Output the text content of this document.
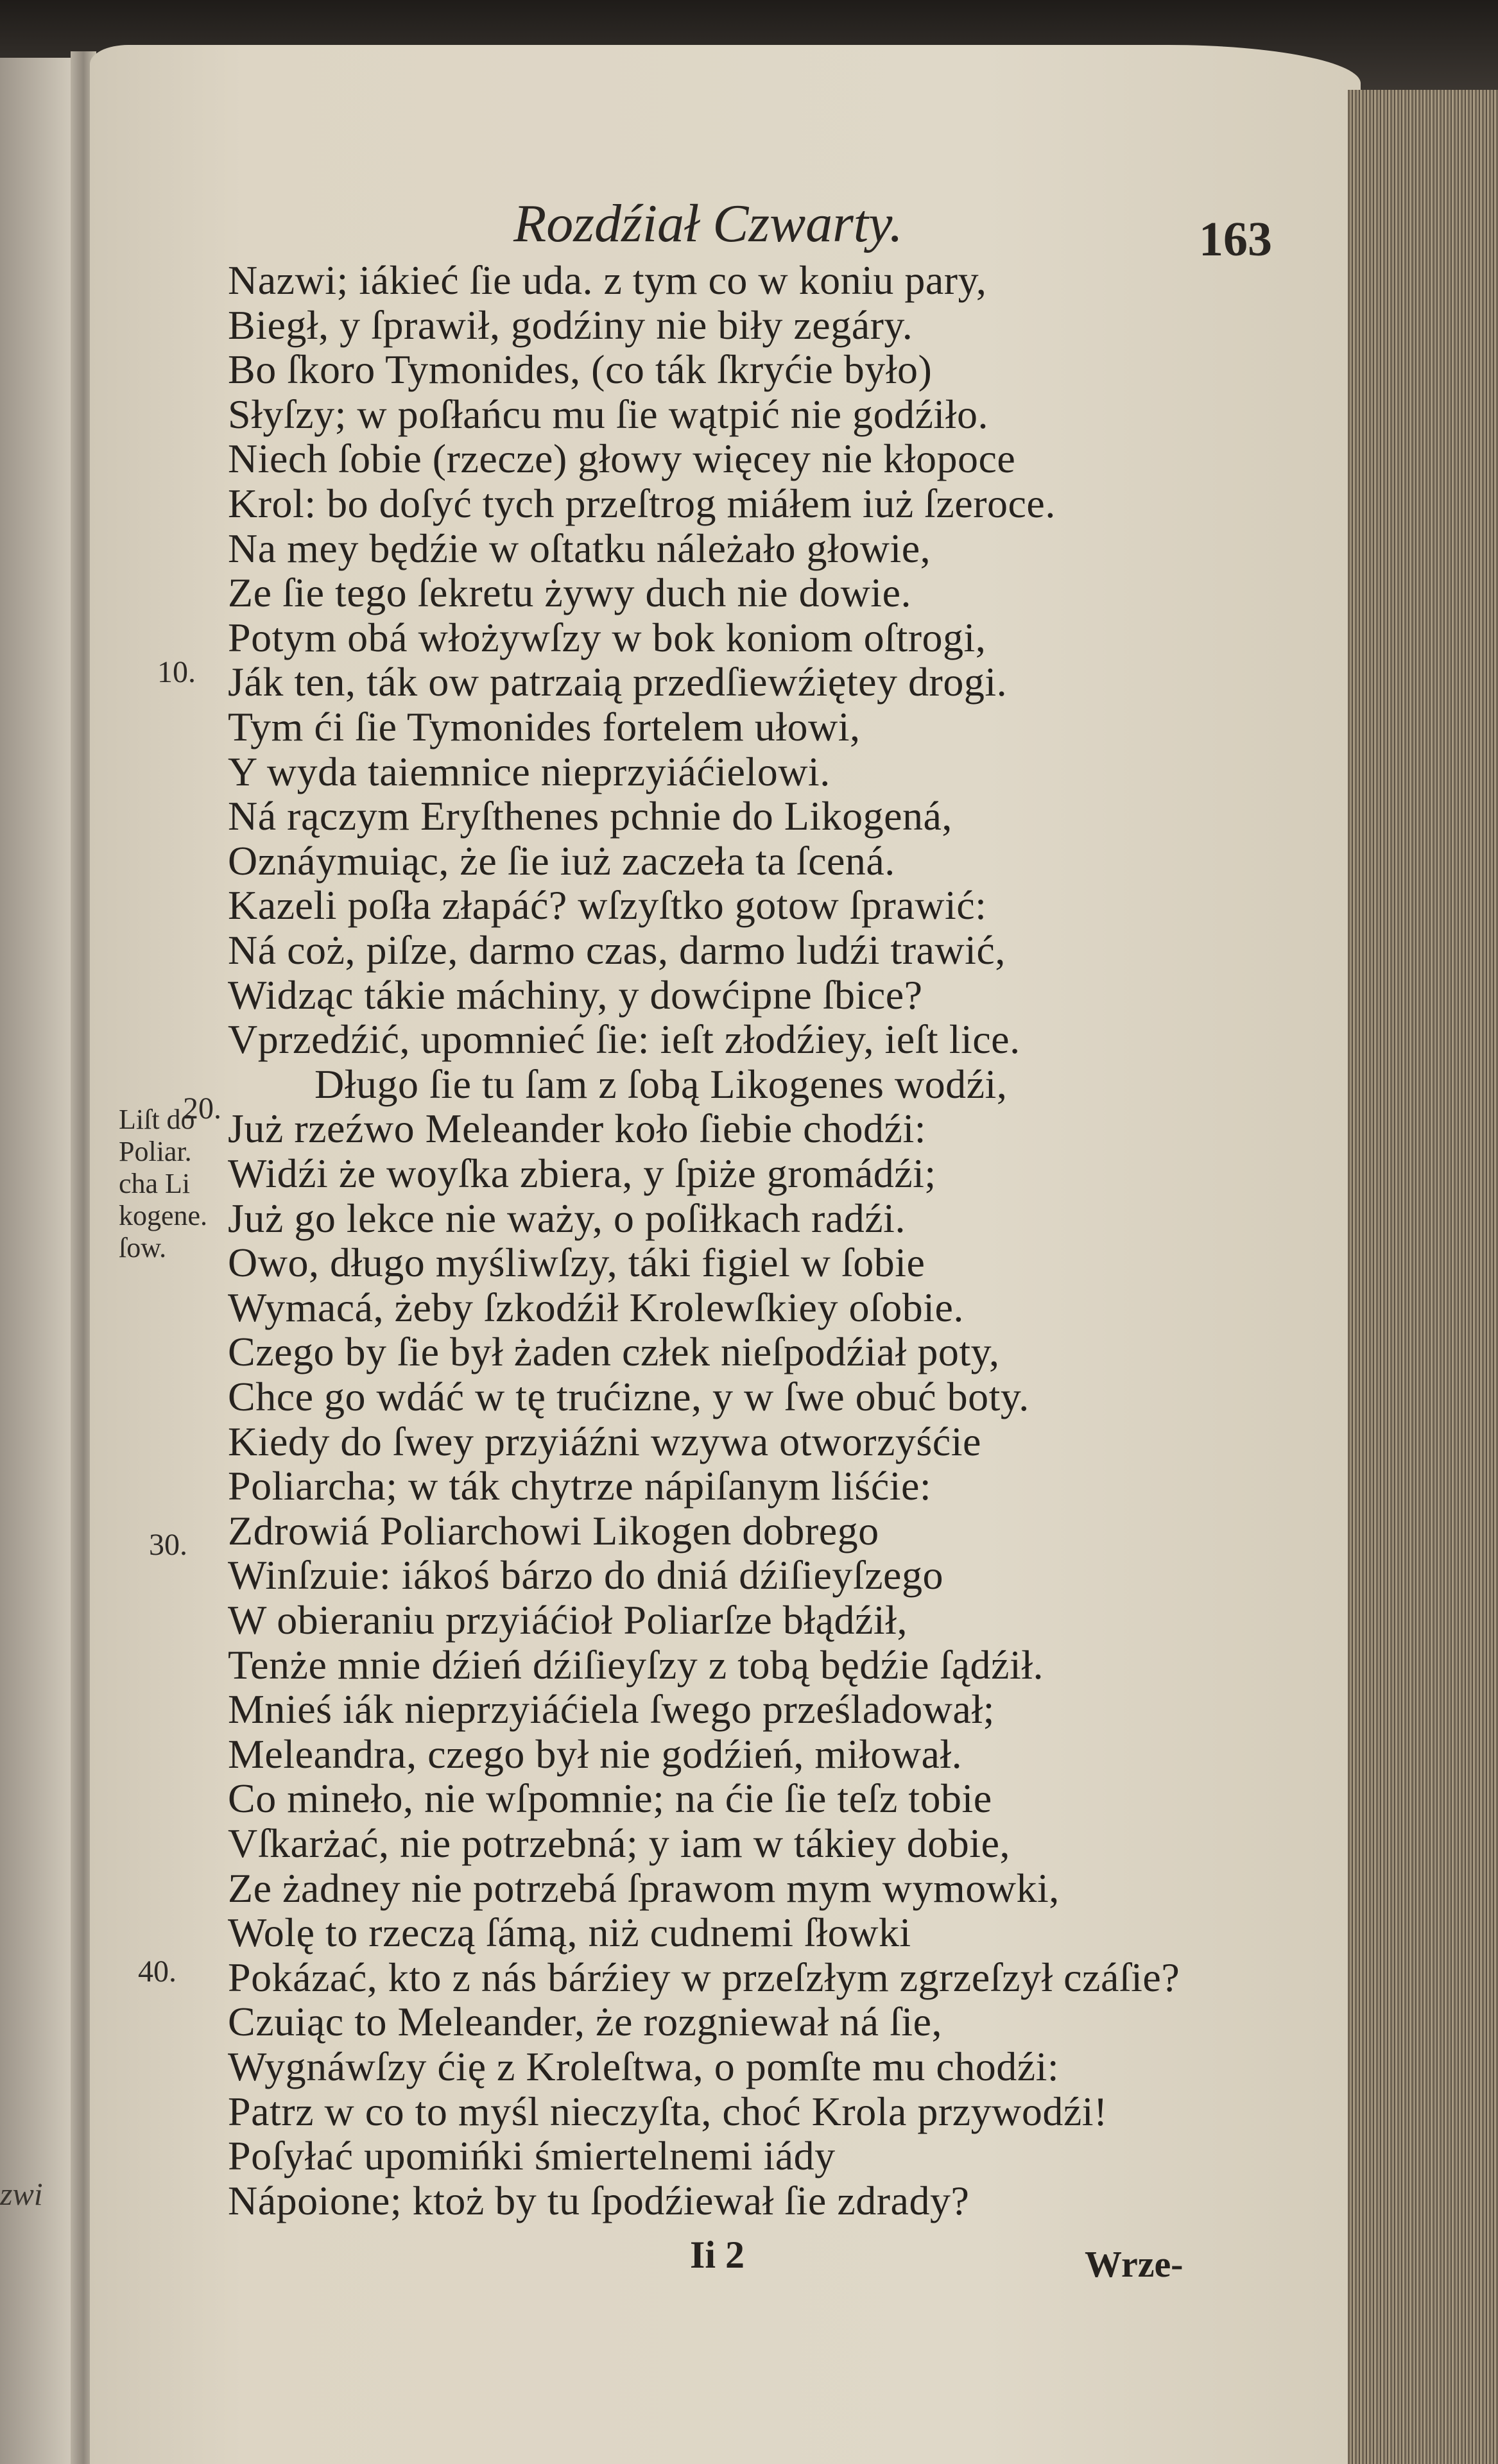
Rozdźiał Czwarty.	163
Nazwi; iákieć ſie uda. z tym co w koniu pary,
Biegł, y ſprawił, godźiny nie biły zegáry.
Bo ſkoro Tymonides, (co ták ſkryćie było)
Słyſzy; w poſłańcu mu ſie wątpić nie godźiło.
Niech ſobie (rzecze) głowy więcey nie kłopoce
Krol: bo doſyć tych przeſtrog miáłem iuż ſzeroce.
Na mey będźie w oſtatku náleżało głowie,
Ze ſie tego ſekretu żywy duch nie dowie.
Potym obá włożywſzy w bok koniom oſtrogi,
Ják ten, ták ow patrzaią przedſiewźiętey drogi.
Tym ći ſie Tymonides fortelem ułowi,
Y wyda taiemnice nieprzyiáćielowi.
Ná rączym Eryſthenes pchnie do Likogená,
Oznáymuiąc, że ſie iuż zaczeła ta ſcená.
Kazeli poſła złapáć? wſzyſtko gotow ſprawić:
Ná coż, piſze, darmo czas, darmo ludźi trawić,
Widząc tákie máchiny, y dowćipne ſbice?
Vprzedźić, upomnieć ſie: ieſt złodźiey, ieſt lice.
Długo ſie tu ſam z ſobą Likogenes wodźi,
Już rzeźwo Meleander koło ſiebie chodźi:
Widźi że woyſka zbiera, y ſpiże gromádźi;
Już go lekce nie waży, o poſiłkach radźi.
Owo, długo myśliwſzy, táki figiel w ſobie
Wymacá, żeby ſzkodźił Krolewſkiey oſobie.
Czego by ſie był żaden człek nieſpodźiał poty,
Chce go wdáć w tę trućizne, y w ſwe obuć boty.
Kiedy do ſwey przyiáźni wzywa otworzyśćie
Poliarcha; w ták chytrze nápiſanym liśćie:
Zdrowiá Poliarchowi Likogen dobrego
Winſzuie: iákoś bárzo do dniá dźiſieyſzego
W obieraniu przyiáćioł Poliarſze błądźił,
Tenże mnie dźień dźiſieyſzy z tobą będźie ſądźił.
Mnieś iák nieprzyiáćiela ſwego prześladował;
Meleandra, czego był nie godźień, miłował.
Co mineło, nie wſpomnie; na ćie ſie teſz tobie
Vſkarżać, nie potrzebná; y iam w tákiey dobie,
Ze żadney nie potrzebá ſprawom mym wymowki,
Wolę to rzeczą ſámą, niż cudnemi ſłowki
Pokázać, kto z nás bárźiey w przeſzłym zgrzeſzył czáſie?
Czuiąc to Meleander, że rozgniewał ná ſie,
Wygnáwſzy ćię z Kroleſtwa, o pomſte mu chodźi:
Patrz w co to myśl nieczyſta, choć Krola przywodźi!
Poſyłać upomińki śmiertelnemi iády
Nápoione; ktoż by tu ſpodźiewał ſie zdrady?
10.
20.
30.
40.
Liſt do Poliar. cha Li kogene. ſow.
zwi
Ii 2	Wrze-
